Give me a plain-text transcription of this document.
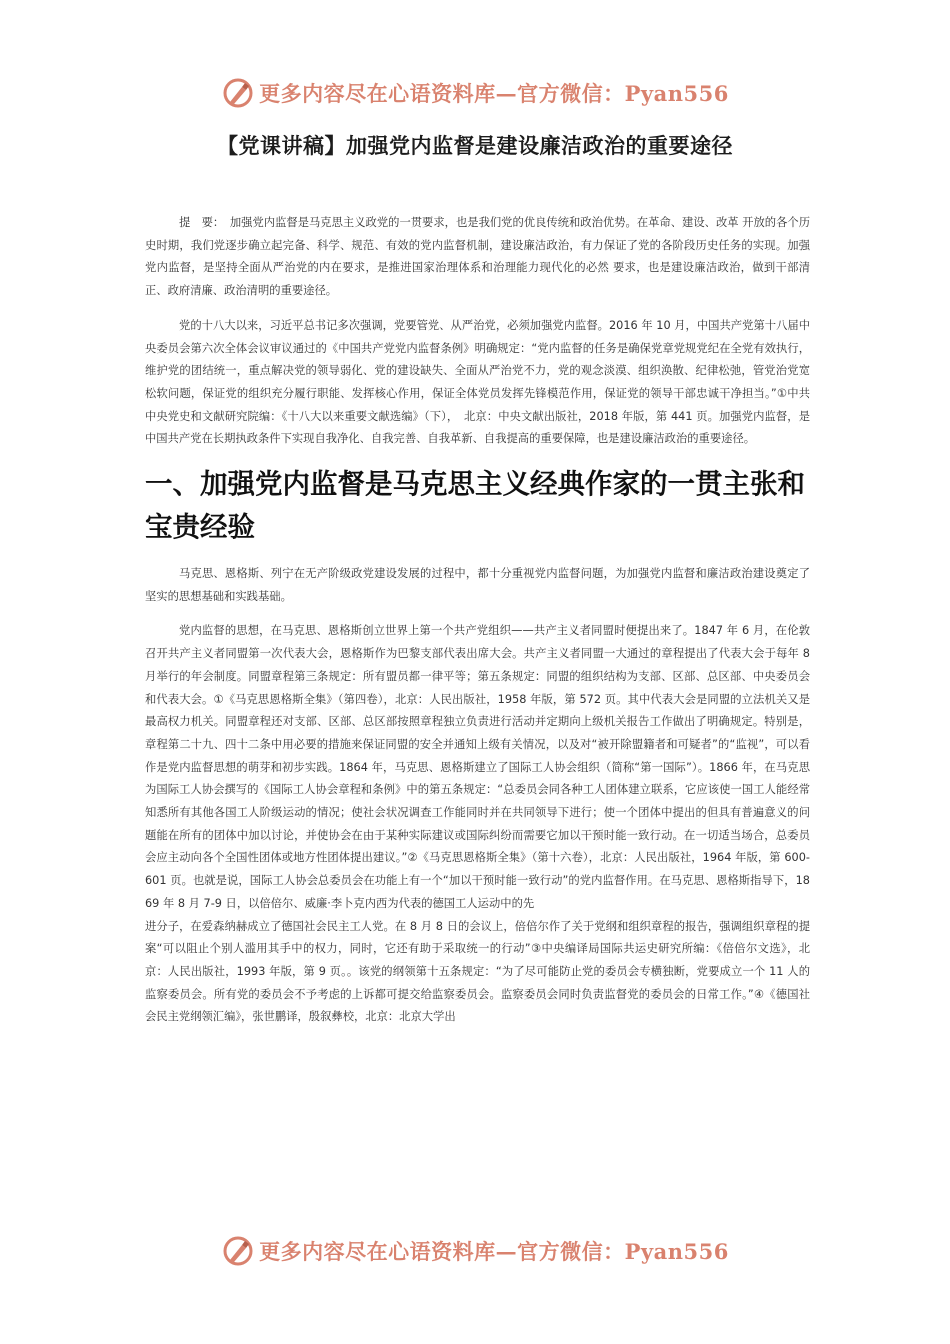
更多内容尽在心语资料库—官方微信：Pyan556
【党课讲稿】加强党内监督是建设廉洁政治的重要途径

提　要：　加强党内监督是马克思主义政党的一贯要求，也是我们党的优良传统和政治优势。在革命、建设、改革 开放的各个历史时期，我们党逐步确立起完备、科学、规范、有效的党内监督机制，建设廉洁政治，有力保证了党的各阶段历史任务的实现。加强党内监督，是坚持全面从严治党的内在要求，是推进国家治理体系和治理能力现代化的必然 要求，也是建设廉洁政治，做到干部清正、政府清廉、政治清明的重要途径。

党的十八大以来，习近平总书记多次强调，党要管党、从严治党，必须加强党内监督。2016 年 10 月，中国共产党第十八届中央委员会第六次全体会议审议通过的《中国共产党党内监督条例》明确规定：“党内监督的任务是确保党章党规党纪在全党有效执行，维护党的团结统一，重点解决党的领导弱化、党的建设缺失、全面从严治党不力，党的观念淡漠、组织涣散、纪律松弛，管党治党宽松软问题，保证党的组织充分履行职能、发挥核心作用，保证全体党员发挥先锋模范作用，保证党的领导干部忠诚干净担当。”①中共中央党史和文献研究院编：《十八大以来重要文献选编》（下），　北京：中央文献出版社，2018 年版，第 441 页。加强党内监督，是中国共产党在长期执政条件下实现自我净化、自我完善、自我革新、自我提高的重要保障，也是建设廉洁政治的重要途径。

一、加强党内监督是马克思主义经典作家的一贯主张和宝贵经验

马克思、恩格斯、列宁在无产阶级政党建设发展的过程中，都十分重视党内监督问题，为加强党内监督和廉洁政治建设奠定了坚实的思想基础和实践基础。

党内监督的思想，在马克思、恩格斯创立世界上第一个共产党组织——共产主义者同盟时便提出来了。1847 年 6 月，在伦敦召开共产主义者同盟第一次代表大会，恩格斯作为巴黎支部代表出席大会。共产主义者同盟一大通过的章程提出了代表大会于每年 8 月举行的年会制度。同盟章程第三条规定：所有盟员都一律平等；第五条规定：同盟的组织结构为支部、区部、总区部、中央委员会和代表大会。①《马克思恩格斯全集》（第四卷），北京：人民出版社，1958 年版，第 572 页。其中代表大会是同盟的立法机关又是最高权力机关。同盟章程还对支部、区部、总区部按照章程独立负责进行活动并定期向上级机关报告工作做出了明确规定。特别是，章程第二十九、四十二条中用必要的措施来保证同盟的安全并通知上级有关情况，以及对“被开除盟籍者和可疑者”的“监视”，可以看作是党内监督思想的萌芽和初步实践。1864 年，马克思、恩格斯建立了国际工人协会组织（简称“第一国际”）。1866 年，在马克思为国际工人协会撰写的《国际工人协会章程和条例》中的第五条规定：“总委员会同各种工人团体建立联系，它应该使一国工人能经常知悉所有其他各国工人阶级运动的情况；使社会状况调查工作能同时并在共同领导下进行；使一个团体中提出的但具有普遍意义的问题能在所有的团体中加以讨论，并使协会在由于某种实际建议或国际纠纷而需要它加以干预时能一致行动。在一切适当场合，总委员会应主动向各个全国性团体或地方性团体提出建议。”②《马克思恩格斯全集》（第十六卷），北京：人民出版社，1964 年版，第 600-601 页。也就是说，国际工人协会总委员会在功能上有一个“加以干预时能一致行动”的党内监督作用。在马克思、恩格斯指导下，1869 年 8 月 7-9 日，以倍倍尔、威廉·李卜克内西为代表的德国工人运动中的先

进分子，在爱森纳赫成立了德国社会民主工人党。在 8 月 8 日的会议上，倍倍尔作了关于党纲和组织章程的报告，强调组织章程的提案“可以阻止个别人滥用其手中的权力，同时，它还有助于采取统一的行动”③中央编译局国际共运史研究所编：《倍倍尔文选》，北京：人民出版社，1993 年版，第 9 页。。该党的纲领第十五条规定：“为了尽可能防止党的委员会专横独断，党要成立一个 11 人的监察委员会。所有党的委员会不予考虑的上诉都可提交给监察委员会。监察委员会同时负责监督党的委员会的日常工作。”④《德国社会民主党纲领汇编》，张世鹏译，殷叙彝校，北京：北京大学出

更多内容尽在心语资料库—官方微信：Pyan556
